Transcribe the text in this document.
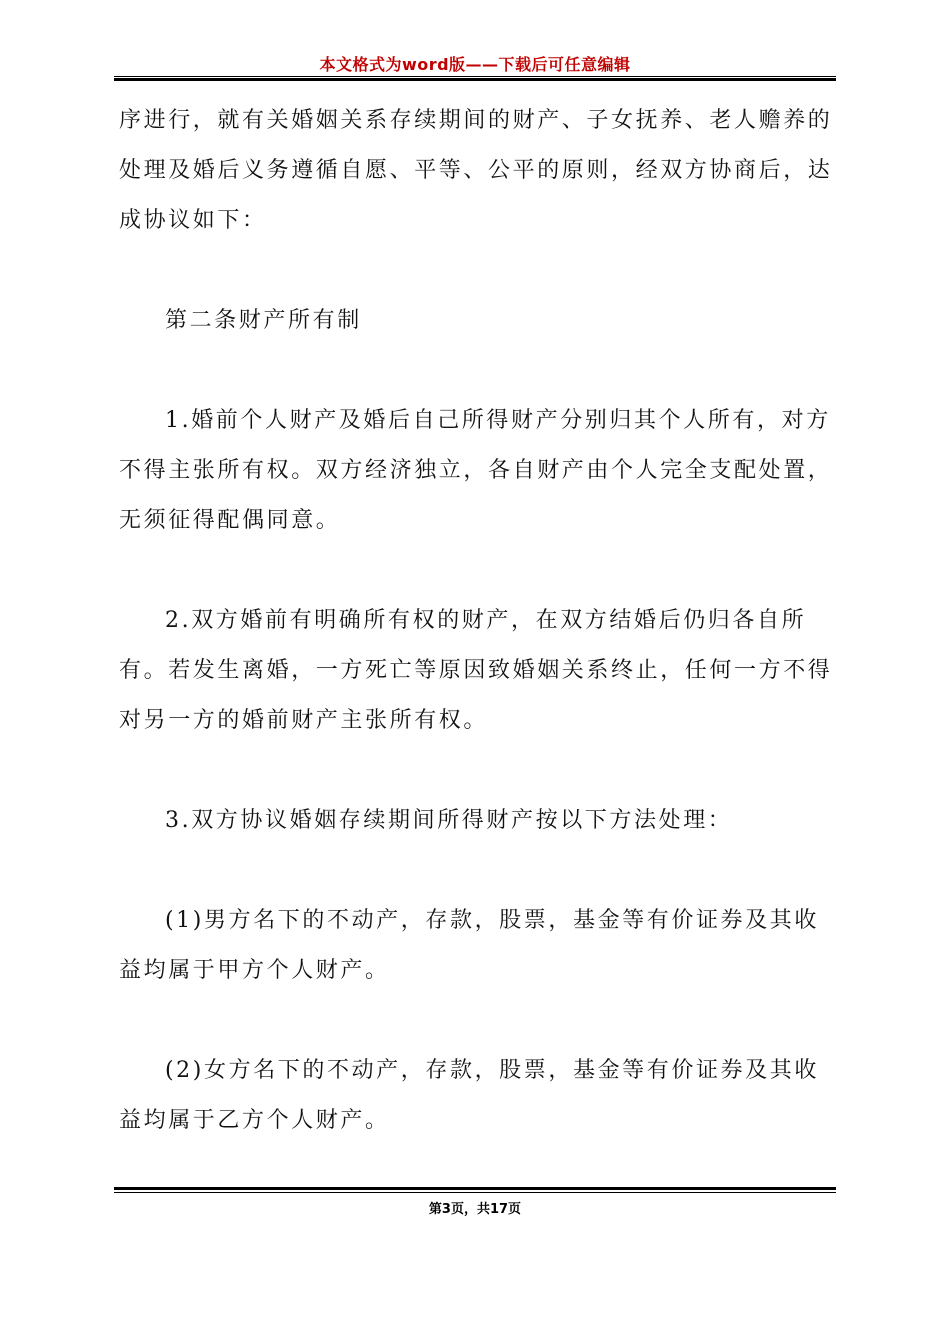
本文格式为word版——下载后可任意编辑

序进行，就有关婚姻关系存续期间的财产、子女抚养、老人赡养的处理及婚后义务遵循自愿、平等、公平的原则，经双方协商后，达成协议如下：

第二条财产所有制

1.婚前个人财产及婚后自己所得财产分别归其个人所有，对方不得主张所有权。双方经济独立，各自财产由个人完全支配处置，无须征得配偶同意。

2.双方婚前有明确所有权的财产，在双方结婚后仍归各自所有。若发生离婚，一方死亡等原因致婚姻关系终止，任何一方不得对另一方的婚前财产主张所有权。

3.双方协议婚姻存续期间所得财产按以下方法处理：

(1)男方名下的不动产，存款，股票，基金等有价证券及其收益均属于甲方个人财产。

(2)女方名下的不动产，存款，股票，基金等有价证券及其收益均属于乙方个人财产。

第3页，共17页
